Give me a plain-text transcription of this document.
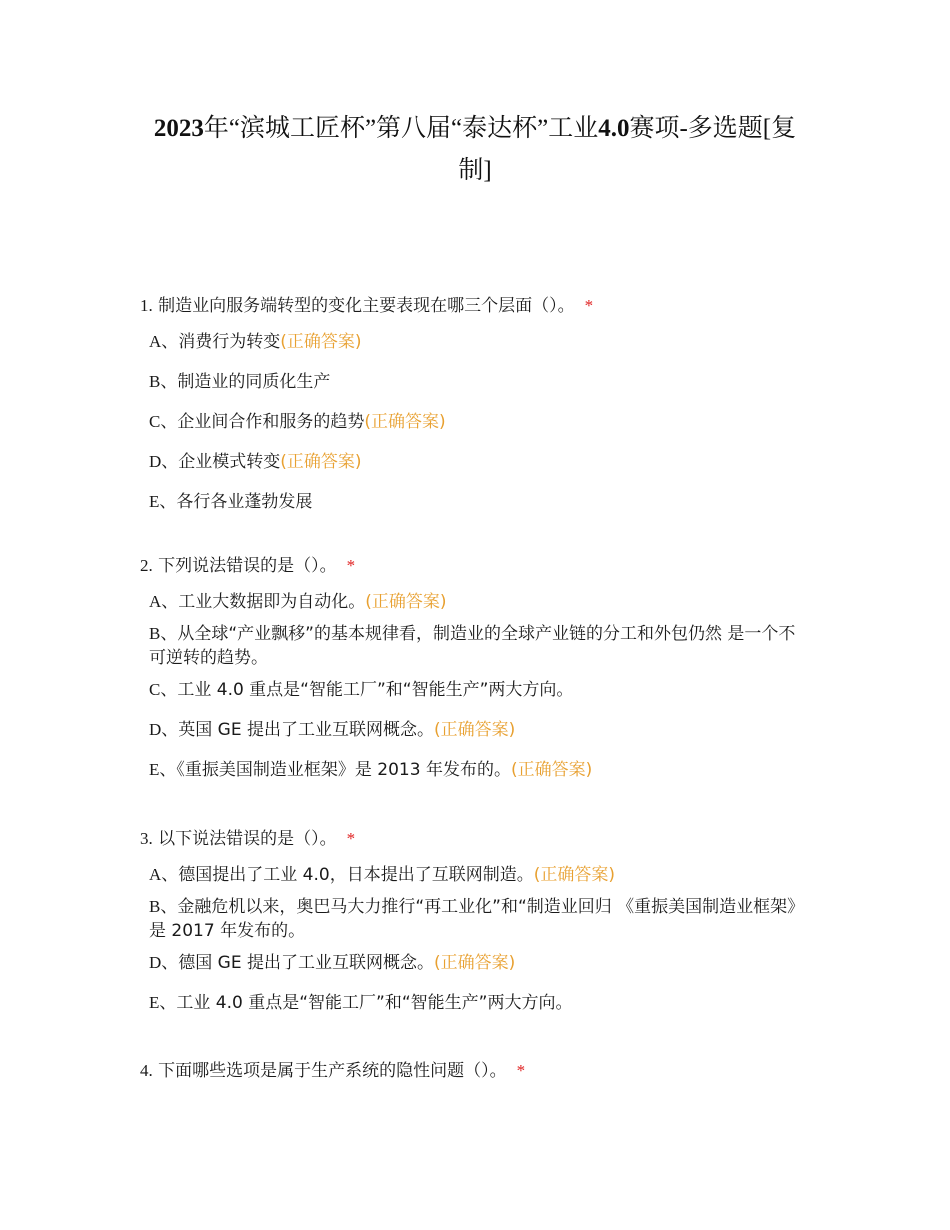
2023年“滨城工匠杯”第八届“泰达杯”工业4.0赛项-多选题[复制]
1. 制造业向服务端转型的变化主要表现在哪三个层面（）。 *
A、消费行为转变(正确答案)
B、制造业的同质化生产
C、企业间合作和服务的趋势(正确答案)
D、企业模式转变(正确答案)
E、各行各业蓬勃发展
2. 下列说法错误的是（）。 *
A、工业大数据即为自动化。(正确答案)
B、从全球“产业飘移”的基本规律看，制造业的全球产业链的分工和外包仍然 是一个不可逆转的趋势。
C、工业 4.0 重点是“智能工厂”和“智能生产”两大方向。
D、英国 GE 提出了工业互联网概念。(正确答案)
E、《重振美国制造业框架》是 2013 年发布的。(正确答案)
3. 以下说法错误的是（）。 *
A、德国提出了工业 4.0，日本提出了互联网制造。(正确答案)
B、金融危机以来，奥巴马大力推行“再工业化”和“制造业回归 《重振美国制造业框架》是 2017 年发布的。
D、德国 GE 提出了工业互联网概念。(正确答案)
E、工业 4.0 重点是“智能工厂”和“智能生产”两大方向。
4. 下面哪些选项是属于生产系统的隐性问题（）。 *
